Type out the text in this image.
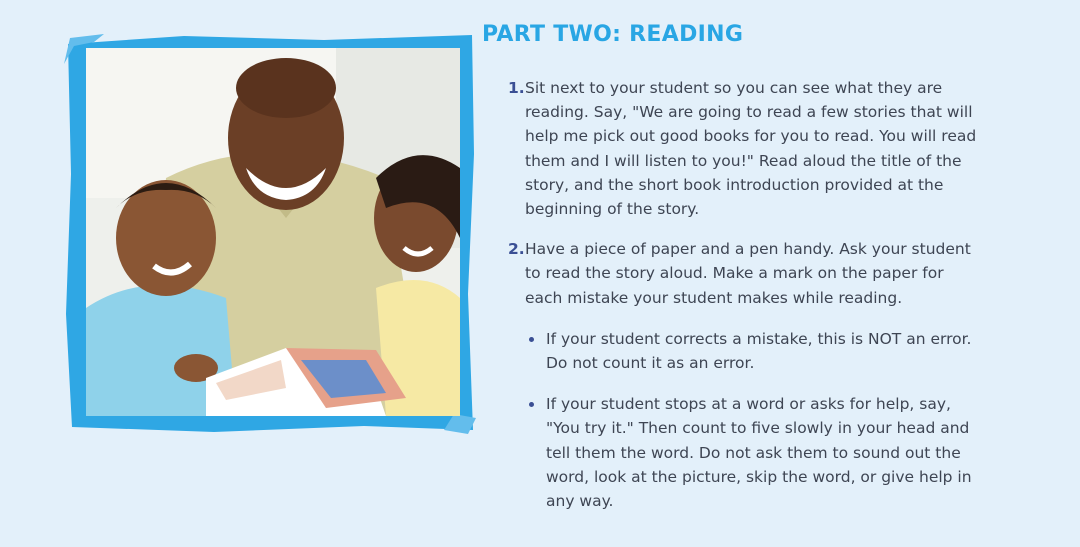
PART TWO: READING
1. Sit next to your student so you can see what they are reading. Say, "We are going to read a few stories that will help me pick out good books for you to read. You will read them and I will listen to you!" Read aloud the title of the story, and the short book introduction provided at the beginning of the story.
2. Have a piece of paper and a pen handy. Ask your student to read the story aloud. Make a mark on the paper for each mistake your student makes while reading.
If your student corrects a mistake, this is NOT an error. Do not count it as an error.
If your student stops at a word or asks for help, say, "You try it." Then count to five slowly in your head and tell them the word. Do not ask them to sound out the word, look at the picture, skip the word, or give help in any way.
